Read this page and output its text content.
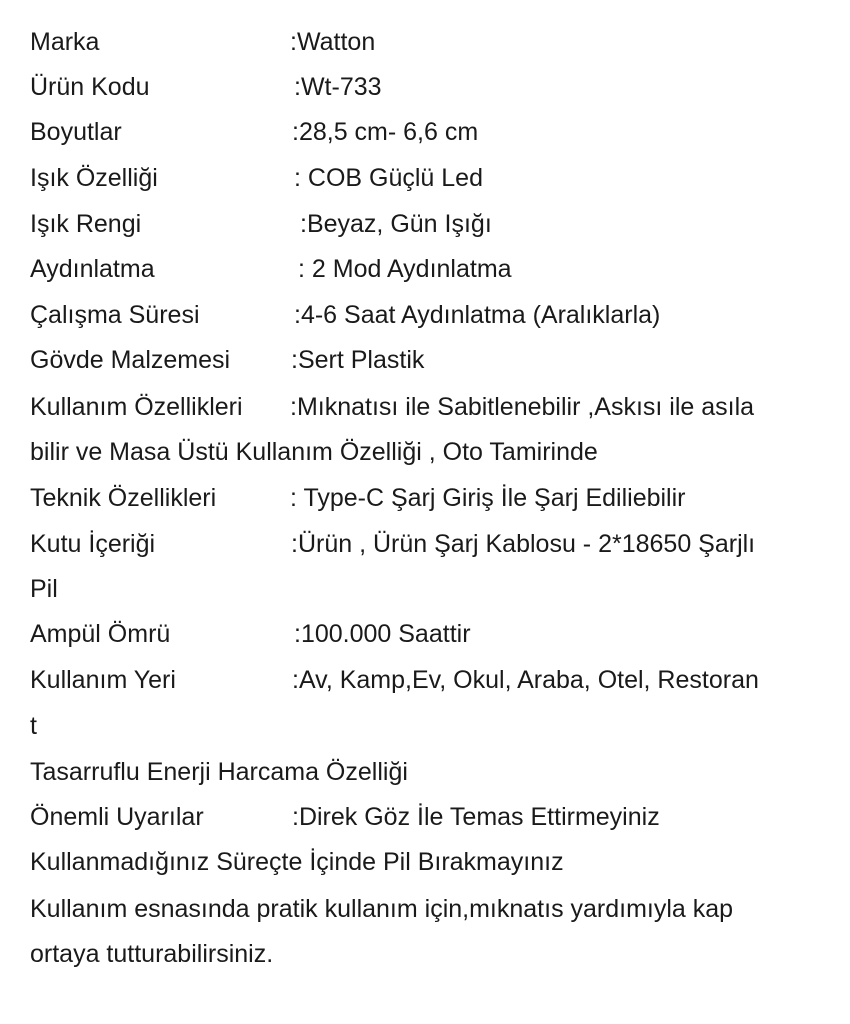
Marka	:Watton
Ürün Kodu	:Wt-733
Boyutlar	:28,5 cm- 6,6 cm
Işık Özelliği	: COB Güçlü Led
Işık Rengi	:Beyaz, Gün Işığı
Aydınlatma	: 2 Mod Aydınlatma
Çalışma Süresi	:4-6 Saat Aydınlatma (Aralıklarla)
Gövde Malzemesi :Sert Plastik
Kullanım Özellikleri :Mıknatısı ile Sabitlenebilir ,Askısı ile asıla
bilir ve Masa Üstü Kullanım Özelliği , Oto Tamirinde
Teknik Özellikleri	: Type-C Şarj Giriş İle Şarj Ediliebilir
Kutu İçeriği	:Ürün , Ürün Şarj Kablosu - 2*18650 Şarjlı
Pil
Ampül Ömrü	:100.000 Saattir
Kullanım Yeri	:Av, Kamp,Ev, Okul, Araba, Otel, Restoran
t
Tasarruflu Enerji Harcama Özelliği
Önemli Uyarılar	:Direk Göz İle Temas Ettirmeyiniz
Kullanmadığınız Süreçte İçinde Pil Bırakmayınız
Kullanım esnasında pratik kullanım için,mıknatıs yardımıyla kap
ortaya tutturabilirsiniz.
